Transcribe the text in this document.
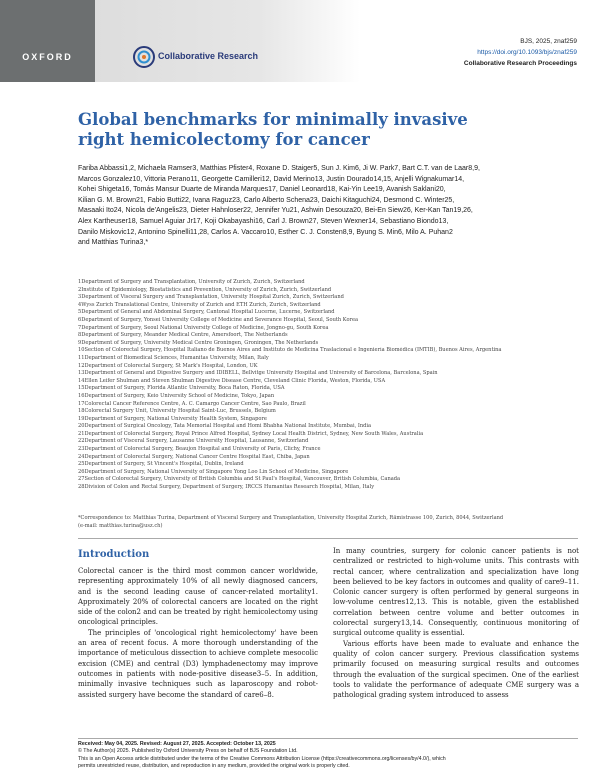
OXFORD	Collaborative Research
BJS, 2025, znaf259
https://doi.org/10.1093/bjs/znaf259
Collaborative Research Proceedings
Global benchmarks for minimally invasive right hemicolectomy for cancer
Fariba Abbassi1,2, Michaela Ramser3, Matthias Pfister4, Roxane D. Staiger5, Sun J. Kim6, Ji W. Park7, Bart C.T. van de Laar8,9,
Marcos Gonzalez10, Vittoria Perano11, Georgette Camilleri12, David Merino13, Justin Dourado14,15, Anjelli Wignakumar14,
Kohei Shigeta16, Tomás Mansur Duarte de Miranda Marques17, Daniel Leonard18, Kai-Yin Lee19, Avanish Saklani20,
Kilian G. M. Brown21, Fabio Butti22, Ivana Raguz23, Carlo Alberto Schena23, Daichi Kitaguchi24, Desmond C. Winter25,
Masaaki Ito24, Nicola de'Angelis23, Dieter Hahnloser22, Jennifer Yu21, Ashwin Desouza20, Bei-En Siew26, Ker-Kan Tan19,26,
Alex Kartheuser18, Samuel Aguiar Jr17, Koji Okabayashi16, Carl J. Brown27, Steven Wexner14, Sebastiano Biondo13,
Danilo Miskovic12, Antonino Spinelli11,28, Carlos A. Vaccaro10, Esther C. J. Consten8,9, Byung S. Min6, Milo A. Puhan2
and Matthias Turina3,*
1Department of Surgery and Transplantation, University of Zurich, Zurich, Switzerland
2Institute of Epidemiology, Biostatistics and Prevention, University of Zurich, Zurich, Switzerland
3Department of Visceral Surgery and Transplantation, University Hospital Zurich, Zurich, Switzerland
4Wyss Zurich Translational Centre, University of Zurich and ETH Zurich, Zurich, Switzerland
5Department of General and Abdominal Surgery, Cantonal Hospital Lucerne, Lucerne, Switzerland
6Department of Surgery, Yonsei University College of Medicine and Severance Hospital, Seoul, South Korea
7Department of Surgery, Seoul National University College of Medicine, Jongno-gu, South Korea
8Department of Surgery, Meander Medical Centre, Amersfoort, The Netherlands
9Department of Surgery, University Medical Centre Groningen, Groningen, The Netherlands
10Section of Colorectal Surgery, Hospital Italiano de Buenos Aires and Instituto de Medicina Traslacional e Ingeniería Biomédica (IMTIB), Buenos Aires, Argentina
11Department of Biomedical Sciences, Humanitas University, Milan, Italy
12Department of Colorectal Surgery, St Mark's Hospital, London, UK
13Department of General and Digestive Surgery and IDIBELL, Bellvitge University Hospital and University of Barcelona, Barcelona, Spain
14Ellen Leifer Shulman and Steven Shulman Digestive Disease Centre, Cleveland Clinic Florida, Weston, Florida, USA
15Department of Surgery, Florida Atlantic University, Boca Raton, Florida, USA
16Department of Surgery, Keio University School of Medicine, Tokyo, Japan
17Colorectal Cancer Reference Centre, A. C. Camargo Cancer Centre, Sao Paulo, Brazil
18Colorectal Surgery Unit, University Hospital Saint-Luc, Brussels, Belgium
19Department of Surgery, National University Health System, Singapore
20Department of Surgical Oncology, Tata Memorial Hospital and Homi Bhabha National Institute, Mumbai, India
21Department of Colorectal Surgery, Royal Prince Alfred Hospital, Sydney Local Health District, Sydney, New South Wales, Australia
22Department of Visceral Surgery, Lausanne University Hospital, Lausanne, Switzerland
23Department of Colorectal Surgery, Beaujon Hospital and University of Paris, Clichy, France
24Department of Colorectal Surgery, National Cancer Centre Hospital East, Chiba, Japan
25Department of Surgery, St Vincent's Hospital, Dublin, Ireland
26Department of Surgery, National University of Singapore Yong Loo Lin School of Medicine, Singapore
27Section of Colorectal Surgery, University of British Columbia and St Paul's Hospital, Vancouver, British Columbia, Canada
28Division of Colon and Rectal Surgery, Department of Surgery, IRCCS Humanitas Research Hospital, Milan, Italy
*Correspondence to: Matthias Turina, Department of Visceral Surgery and Transplantation, University Hospital Zurich, Rämistrasse 100, Zurich, 8044, Switzerland
(e-mail: matthias.turina@usz.ch)
Introduction

Colorectal cancer is the third most common cancer worldwide, representing approximately 10% of all newly diagnosed cancers, and is the second leading cause of cancer-related mortality1. Approximately 20% of colorectal cancers are located on the right side of the colon2 and can be treated by right hemicolectomy using oncological principles.

The principles of 'oncological right hemicolectomy' have been an area of recent focus. A more thorough understanding of the importance of meticulous dissection to achieve complete mesocolic excision (CME) and central (D3) lymphadenectomy may improve outcomes in patients with node-positive disease3–5. In addition, minimally invasive techniques such as laparoscopy and robot-assisted surgery have become the standard of care6–8.

In many countries, surgery for colonic cancer patients is not centralized or restricted to high-volume units. This contrasts with rectal cancer, where centralization and specialization have long been believed to be key factors in outcomes and quality of care9–11. Colonic cancer surgery is often performed by general surgeons in low-volume centres12,13. This is notable, given the established correlation between centre volume and better outcomes in colorectal surgery13,14. Consequently, continuous monitoring of surgical outcome quality is essential.

Various efforts have been made to evaluate and enhance the quality of colon cancer surgery. Previous classification systems primarily focused on measuring surgical results and outcomes through the evaluation of the surgical specimen. One of the earliest tools to validate the performance of adequate CME surgery was a pathological grading system introduced to assess

Received: May 04, 2025. Revised: August 27, 2025. Accepted: October 13, 2025
© The Author(s) 2025. Published by Oxford University Press on behalf of BJS Foundation Ltd.
This is an Open Access article distributed under the terms of the Creative Commons Attribution License (https://creativecommons.org/licenses/by/4.0/), which
permits unrestricted reuse, distribution, and reproduction in any medium, provided the original work is properly cited.
